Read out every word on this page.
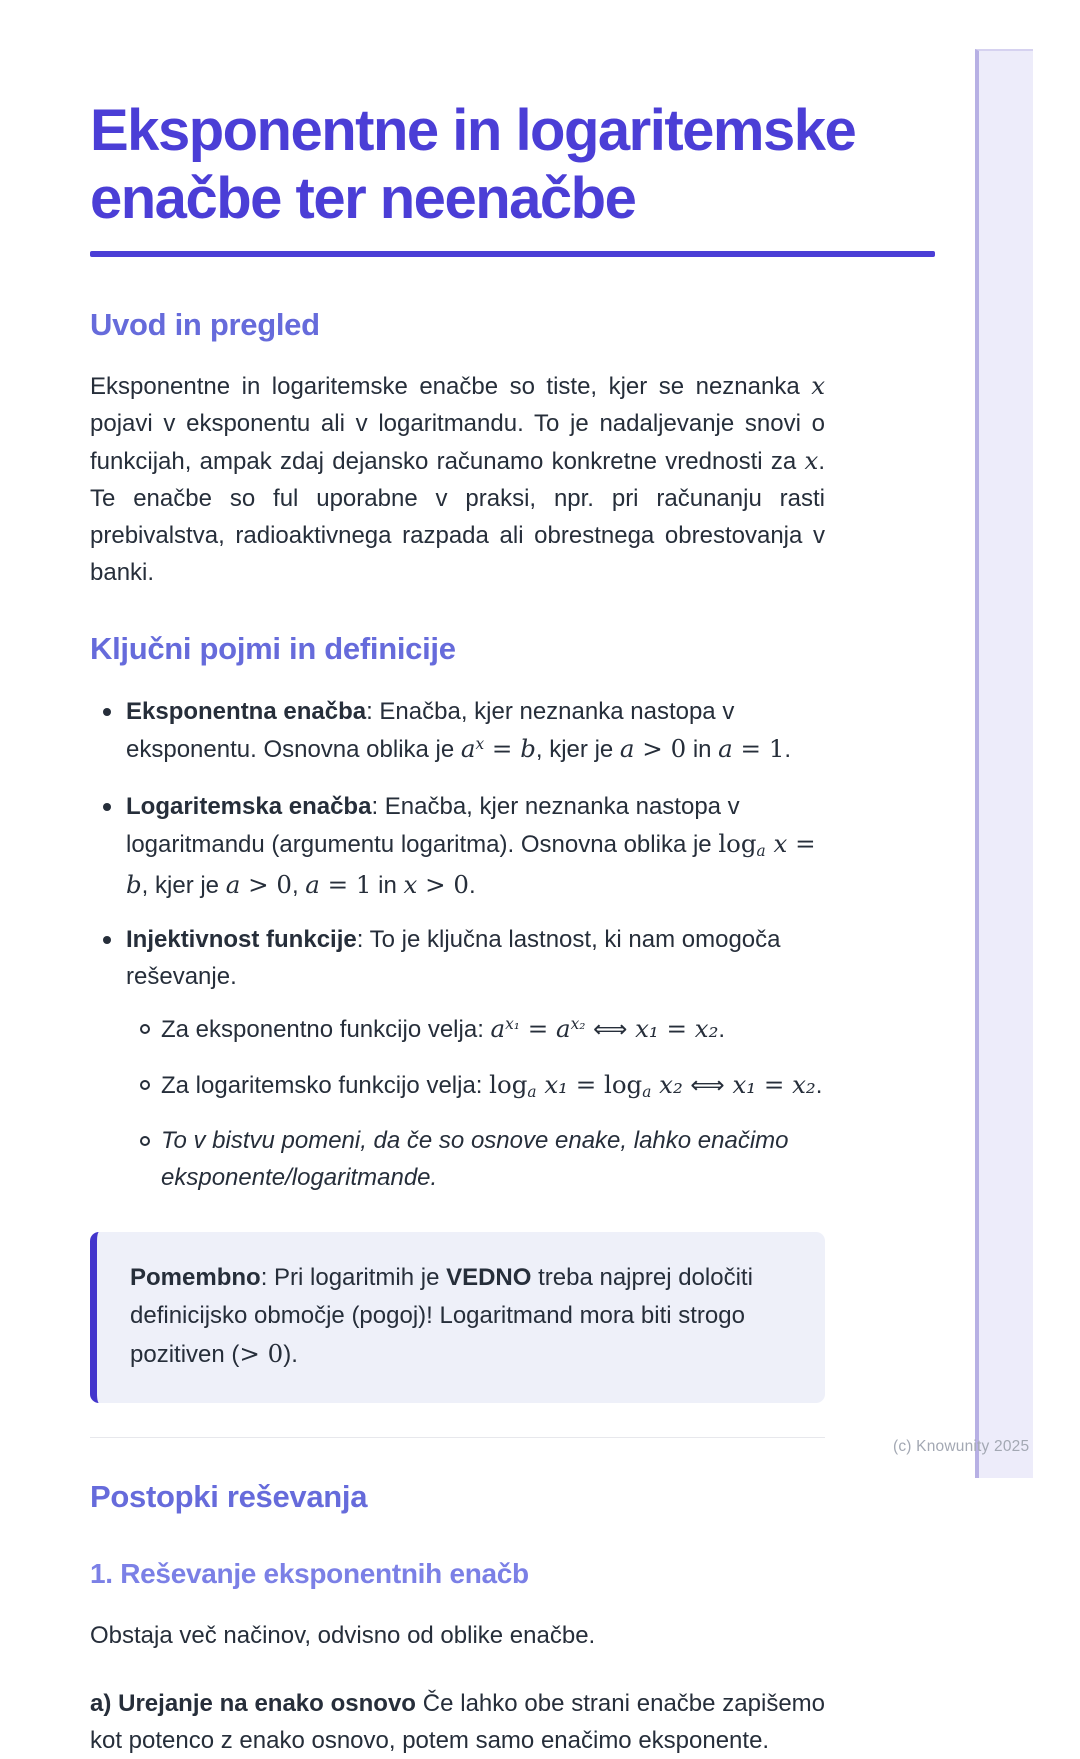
Eksponentne in logaritemske
enačbe ter neenačbe
Uvod in pregled

Eksponentne in logaritemske enačbe so tiste, kjer se neznanka x pojavi v eksponentu ali v logaritmandu. To je nadaljevanje snovi o funkcijah, ampak zdaj dejansko računamo konkretne vrednosti za x. Te enačbe so ful uporabne v praksi, npr. pri računanju rasti prebivalstva, radioaktivnega razpada ali obrestnega obrestovanja v banki.

Ključni pojmi in definicije
Eksponentna enačba: Enačba, kjer neznanka nastopa v eksponentu. Osnovna oblika je $a^x = b$, kjer je a > 0 in a = 1.
Logaritemska enačba: Enačba, kjer neznanka nastopa v logaritmandu (argumentu logaritma). Osnovna oblika je loga x = b, kjer je a > 0, a = 1 in x > 0.
Injektivnost funkcije: To je ključna lastnost, ki nam omogoča reševanje.
Za eksponentno funkcijo velja: $a^{x_1} = a^{x_2}$ ⟺ x₁ = x₂.
Za logaritemsko funkcijo velja: loga x₁ = loga x₂ ⟺ x₁ = x₂.
To v bistvu pomeni, da če so osnove enake, lahko enačimo eksponente/logaritmande.
Pomembno: Pri logaritmih je VEDNO treba najprej določiti definicijsko območje (pogoj)! Logaritmand mora biti strogo pozitiven (> 0).
Postopki reševanja
1. Reševanje eksponentnih enačb

Obstaja več načinov, odvisno od oblike enačbe.

a) Urejanje na enako osnovo Če lahko obe strani enačbe zapišemo kot potenco z enako osnovo, potem samo enačimo eksponente.

(c) Knowunity 2025
